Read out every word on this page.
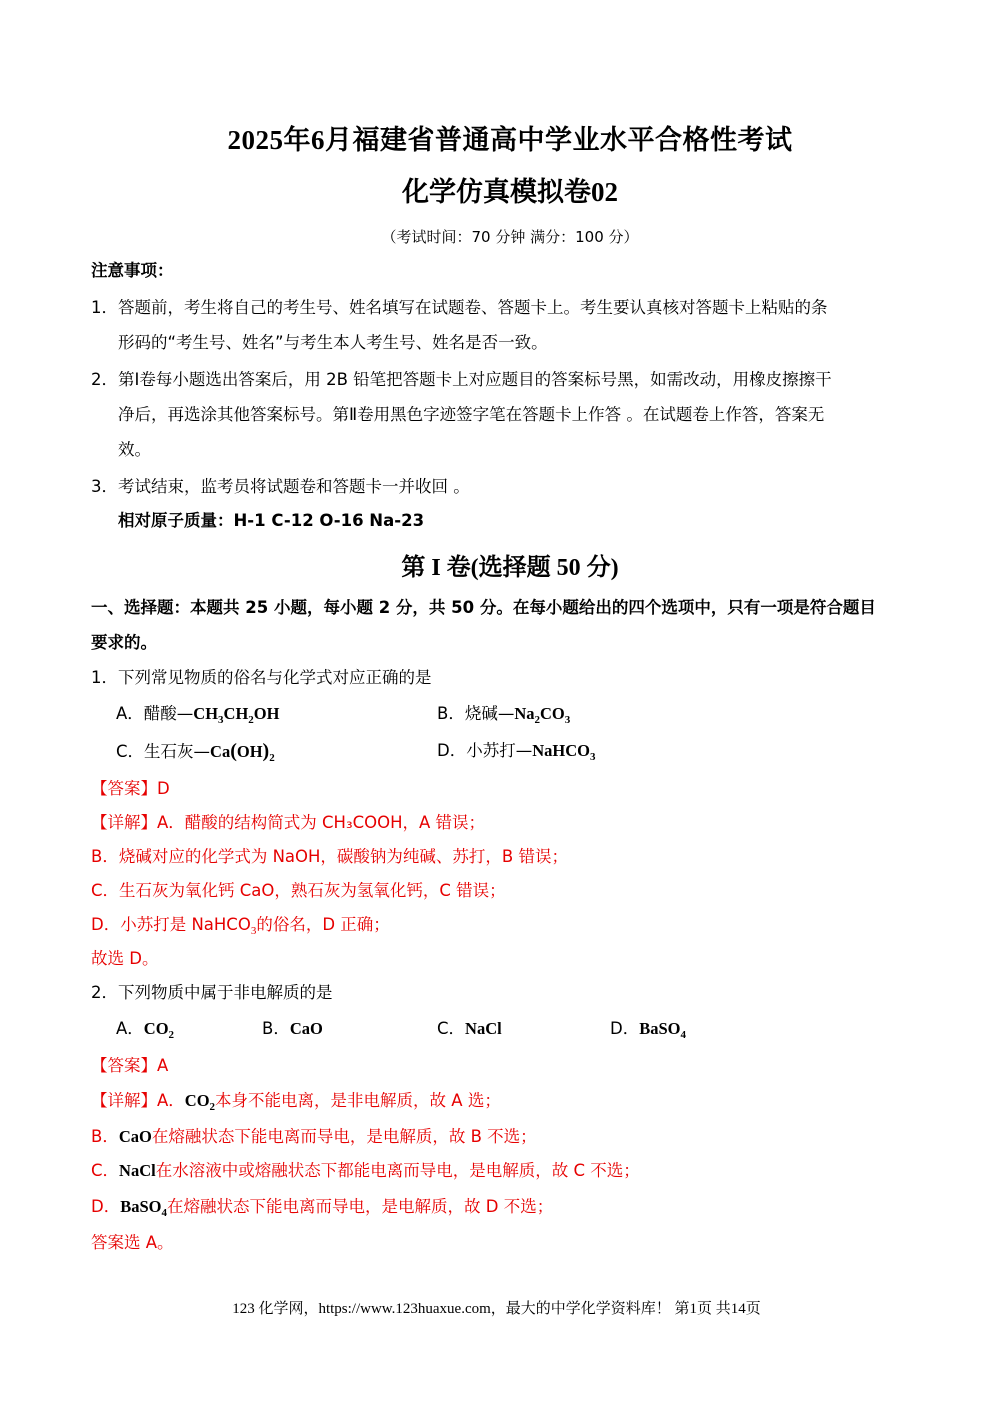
2025年6月福建省普通高中学业水平合格性考试
化学仿真模拟卷02
（考试时间：70 分钟 满分：100 分）
注意事项：
1．答题前，考生将自己的考生号、姓名填写在试题卷、答题卡上。考生要认真核对答题卡上粘贴的条
形码的“考生号、姓名”与考生本人考生号、姓名是否一致。
2．第Ⅰ卷每小题选出答案后，用 2B 铅笔把答题卡上对应题目的答案标号黑，如需改动，用橡皮擦擦干
净后，再选涂其他答案标号。第Ⅱ卷用黑色字迹签字笔在答题卡上作答 。在试题卷上作答，答案无
效。
3．考试结束，监考员将试题卷和答题卡一并收回 。
相对原子质量：H-1 C-12 O-16 Na-23
第 I 卷(选择题 50 分)
一、选择题：本题共 25 小题，每小题 2 分，共 50 分。在每小题给出的四个选项中，只有一项是符合题目
要求的。
1．下列常见物质的俗名与化学式对应正确的是
A．醋酸$—CH_3CH_2OH$	B．烧碱$—Na_2CO_3$
C．生石灰$—Ca(OH)_2$	D．小苏打—NaHCO$_3$
【答案】D
【详解】A．醋酸的结构简式为 CH₃COOH，A 错误；
B．烧碱对应的化学式为 NaOH，碳酸钠为纯碱、苏打，B 错误；
C．生石灰为氧化钙 CaO，熟石灰为氢氧化钙，C 错误；
D．小苏打是 NaHCO$_3$的俗名，D 正确；
故选 D。
2．下列物质中属于非电解质的是
A．$CO_2$	B．CaO	C．NaCl	D．BaSO$_4$
【答案】A
【详解】A．$CO_2$本身不能电离，是非电解质，故 A 选；
B．CaO在熔融状态下能电离而导电，是电解质，故 B 不选；
C．NaCl在水溶液中或熔融状态下都能电离而导电，是电解质，故 C 不选；
D．BaSO$_4$在熔融状态下能电离而导电，是电解质，故 D 不选；
答案选 A。
123 化学网，https://www.123huaxue.com，最大的中学化学资料库！ 第1页 共14页
